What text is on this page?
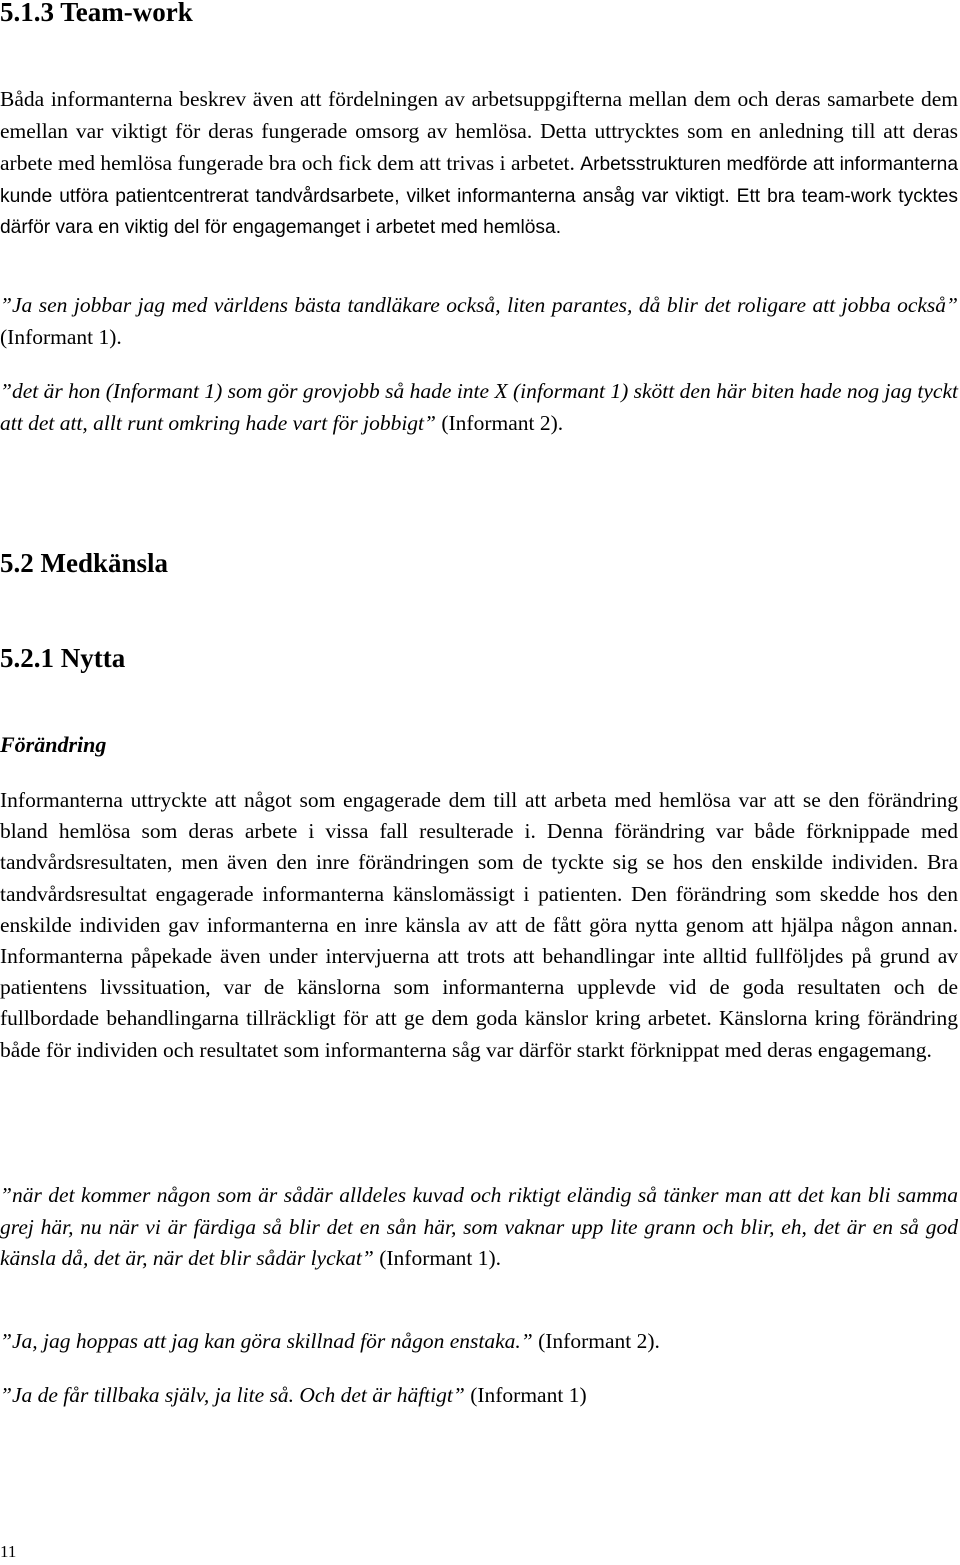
5.1.3 Team-work

Båda informanterna beskrev även att fördelningen av arbetsuppgifterna mellan dem och deras samarbete dem emellan var viktigt för deras fungerade omsorg av hemlösa. Detta uttrycktes som en anledning till att deras arbete med hemlösa fungerade bra och fick dem att trivas i arbetet. Arbetsstrukturen medförde att informanterna kunde utföra patientcentrerat tandvårdsarbete, vilket informanterna ansåg var viktigt. Ett bra team-work tycktes därför vara en viktig del för engagemanget i arbetet med hemlösa.

”Ja sen jobbar jag med världens bästa tandläkare också, liten parantes, då blir det roligare att jobba också” (Informant 1).

”det är hon (Informant 1) som gör grovjobb så hade inte X (informant 1) skött den här biten hade nog jag tyckt att det att, allt runt omkring hade vart för jobbigt” (Informant 2).

5.2 Medkänsla
5.2.1 Nytta
Förändring

Informanterna uttryckte att något som engagerade dem till att arbeta med hemlösa var att se den förändring bland hemlösa som deras arbete i vissa fall resulterade i. Denna förändring var både förknippade med tandvårdsresultaten, men även den inre förändringen som de tyckte sig se hos den enskilde individen. Bra tandvårdsresultat engagerade informanterna känslomässigt i patienten. Den förändring som skedde hos den enskilde individen gav informanterna en inre känsla av att de fått göra nytta genom att hjälpa någon annan. Informanterna påpekade även under intervjuerna att trots att behandlingar inte alltid fullföljdes på grund av patientens livssituation, var de känslorna som informanterna upplevde vid de goda resultaten och de fullbordade behandlingarna tillräckligt för att ge dem goda känslor kring arbetet. Känslorna kring förändring både för individen och resultatet som informanterna såg var därför starkt förknippat med deras engagemang.

”när det kommer någon som är sådär alldeles kuvad och riktigt eländig så tänker man att det kan bli samma grej här, nu när vi är färdiga så blir det en sån här, som vaknar upp lite grann och blir, eh, det är en så god känsla då, det är, när det blir sådär lyckat” (Informant 1).

”Ja, jag hoppas att jag kan göra skillnad för någon enstaka.” (Informant 2).

”Ja de får tillbaka själv, ja lite så. Och det är häftigt” (Informant 1)

11
